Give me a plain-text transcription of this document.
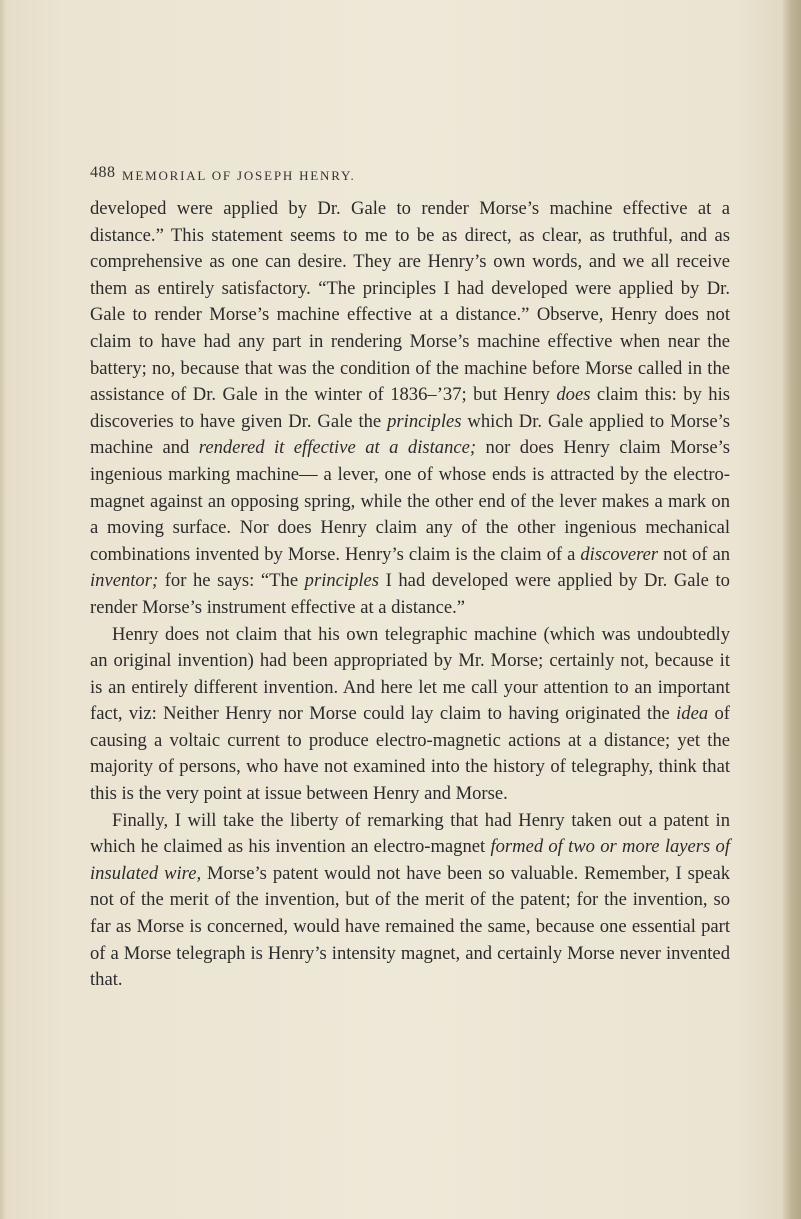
488 MEMORIAL OF JOSEPH HENRY.

developed were applied by Dr. Gale to render Morse’s machine effective at a distance.” This statement seems to me to be as direct, as clear, as truthful, and as comprehensive as one can desire. They are Henry’s own words, and we all receive them as entirely satisfactory. “The principles I had developed were applied by Dr. Gale to render Morse’s machine effective at a distance.” Observe, Henry does not claim to have had any part in rendering Morse’s machine effective when near the battery; no, because that was the condition of the machine before Morse called in the assistance of Dr. Gale in the winter of 1836–’37; but Henry does claim this: by his discoveries to have given Dr. Gale the principles which Dr. Gale applied to Morse’s machine and rendered it effective at a distance; nor does Henry claim Morse’s ingenious marking machine— a lever, one of whose ends is attracted by the electro-magnet against an opposing spring, while the other end of the lever makes a mark on a moving surface. Nor does Henry claim any of the other ingenious mechanical combinations invented by Morse. Henry’s claim is the claim of a discoverer not of an inventor; for he says: “The principles I had developed were applied by Dr. Gale to render Morse’s instrument effective at a distance.”

Henry does not claim that his own telegraphic machine (which was undoubtedly an original invention) had been appropriated by Mr. Morse; certainly not, because it is an entirely different invention. And here let me call your attention to an important fact, viz: Neither Henry nor Morse could lay claim to having originated the idea of causing a voltaic current to produce electro-magnetic actions at a distance; yet the majority of persons, who have not examined into the history of telegraphy, think that this is the very point at issue between Henry and Morse.

Finally, I will take the liberty of remarking that had Henry taken out a patent in which he claimed as his invention an electro-magnet formed of two or more layers of insulated wire, Morse’s patent would not have been so valuable. Remember, I speak not of the merit of the invention, but of the merit of the patent; for the invention, so far as Morse is concerned, would have remained the same, because one essential part of a Morse telegraph is Henry’s intensity magnet, and certainly Morse never invented that.
